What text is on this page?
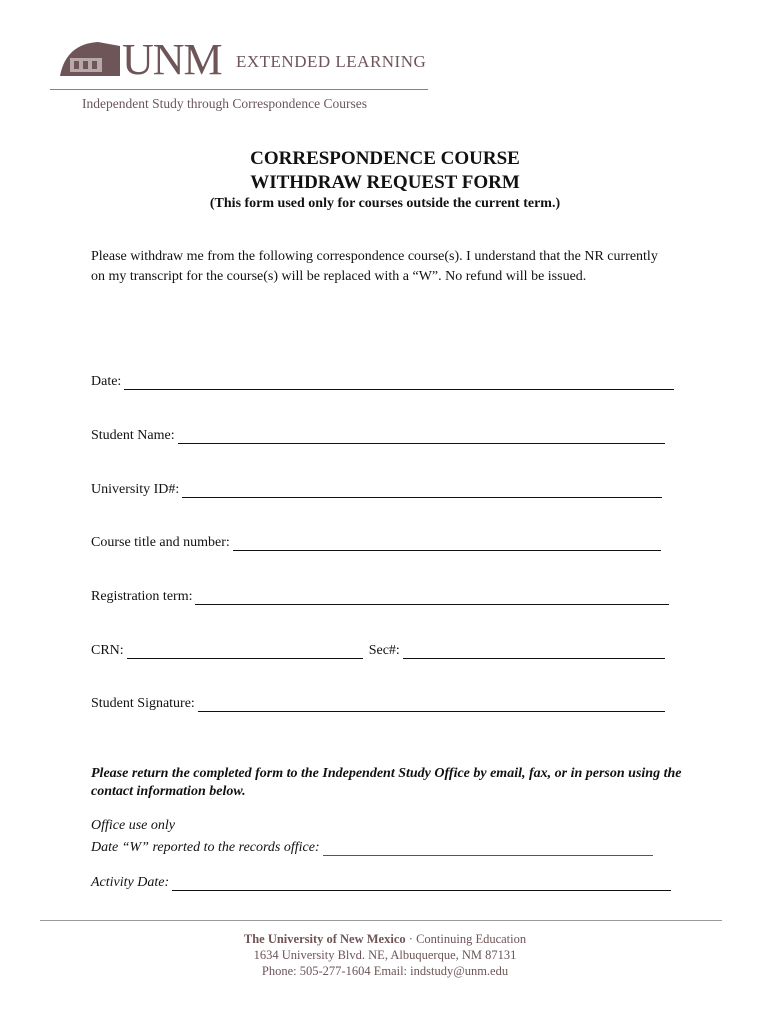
UNM EXTENDED LEARNING
Independent Study through Correspondence Courses
CORRESPONDENCE COURSE
WITHDRAW REQUEST FORM
(This form used only for courses outside the current term.)
Please withdraw me from the following correspondence course(s). I understand that the NR currently on my transcript for the course(s) will be replaced with a “W”. No refund will be issued.
Date:
Student Name:
University ID#:
Course title and number:
Registration term:
CRN:	Sec#:
Student Signature:
Please return the completed form to the Independent Study Office by email, fax, or in person using the contact information below.
Office use only
Date “W” reported to the records office:
Activity Date:
The University of New Mexico · Continuing Education
1634 University Blvd. NE, Albuquerque, NM 87131
Phone: 505-277-1604 Email: indstudy@unm.edu
